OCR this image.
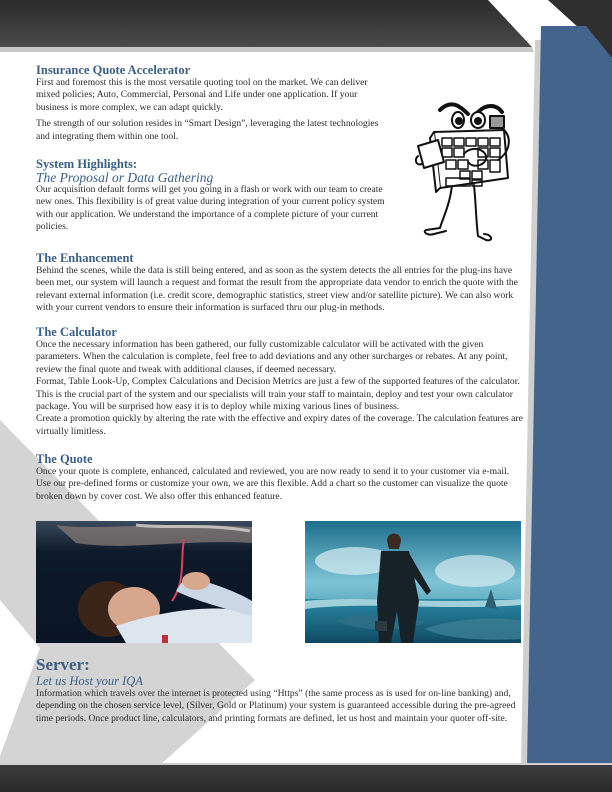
Insurance Quote Accelerator

First and foremost this is the most versatile quoting tool on the market. We can deliver mixed policies; Auto, Commercial, Personal and Life under one application. If your business is more complex, we can adapt quickly.

The strength of our solution resides in “Smart Design”, leveraging the latest technologies and integrating them within one tool.

System Highlights:
The Proposal or Data Gathering

Our acquisition default forms will get you going in a flash or work with our team to create new ones. This flexibility is of great value during integration of your current policy system with our application. We understand the importance of a complete picture of your current policies.

The Enhancement

Behind the scenes, while the data is still being entered, and as soon as the system detects the all entries for the plug-ins have been met, our system will launch a request and format the result from the appropriate data vendor to enrich the quote with the relevant external information (i.e. credit score, demographic statistics, street view and/or satellite picture). We can also work with your current vendors to ensure their information is surfaced thru our plug-in methods.

The Calculator

Once the necessary information has been gathered, our fully customizable calculator will be activated with the given parameters. When the calculation is complete, feel free to add deviations and any other surcharges or rebates. At any point, review the final quote and tweak with additional clauses, if deemed necessary.

Format, Table Look-Up, Complex Calculations and Decision Metrics are just a few of the supported features of the calculator. This is the crucial part of the system and our specialists will train your staff to maintain, deploy and test your own calculator package. You will be surprised how easy it is to deploy while mixing various lines of business.

Create a promotion quickly by altering the rate with the effective and expiry dates of the coverage. The calculation features are virtually limitless.

The Quote

Once your quote is complete, enhanced, calculated and reviewed, you are now ready to send it to your customer via e-mail. Use our pre-defined forms or customize your own, we are this flexible. Add a chart so the customer can visualize the quote broken down by cover cost. We also offer this enhanced feature.

Server:
Let us Host your IQA

Information which travels over the internet is protected using “Https” (the same process as is used for on-line banking) and, depending on the chosen service level, (Silver, Gold or Platinum) your system is guaranteed accessible during the pre-agreed time periods. Once product line, calculators, and printing formats are defined, let us host and maintain your quoter off-site.
